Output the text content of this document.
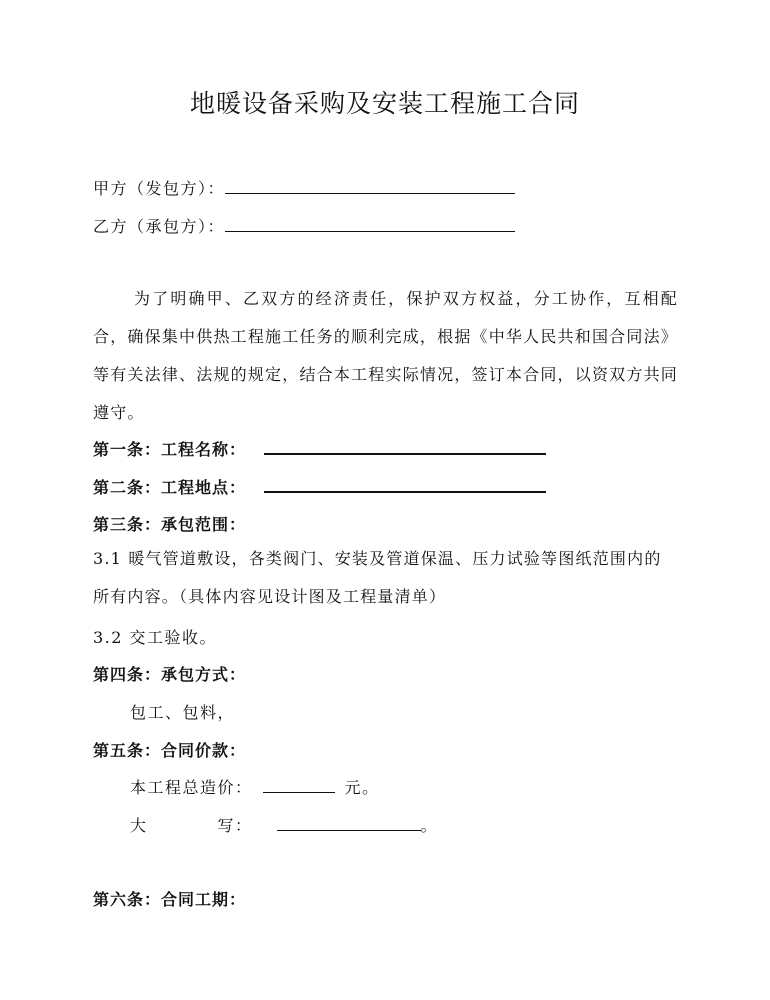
地暖设备采购及安装工程施工合同
甲方（发包方）：
乙方（承包方）：
为了明确甲、乙双方的经济责任，保护双方权益，分工协作，互相配合，确保集中供热工程施工任务的顺利完成，根据《中华人民共和国合同法》等有关法律、法规的规定，结合本工程实际情况，签订本合同，以资双方共同遵守。
第一条：工程名称：
第二条：工程地点：
第三条：承包范围：
3.1 暖气管道敷设，各类阀门、安装及管道保温、压力试验等图纸范围内的所有内容。（具体内容见设计图及工程量清单）
3.2 交工验收。
第四条：承包方式：
包工、包料，
第五条：合同价款：
本工程总造价：	元。
大	写：	。
第六条：合同工期：
